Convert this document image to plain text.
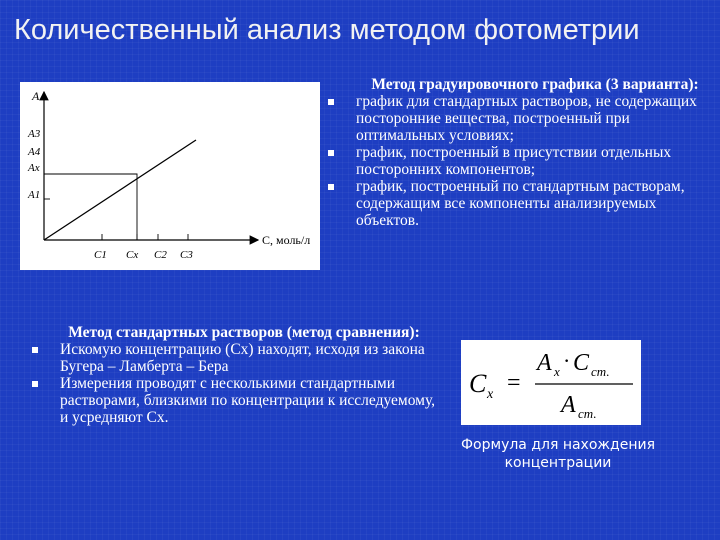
Количественный анализ методом фотометрии
A
C, моль/л
A3
A4
Ax
A1
C1 Cx C2 C3
Метод градуировочного графика (3 варианта):
график для стандартных растворов, не содержащих посторонние вещества, построенный при оптимальных условиях;
график, построенный в присутствии отдельных посторонних компонентов;
график, построенный по стандартным растворам, содержащим все компоненты анализируемых объектов.
Метод стандартных растворов (метод сравнения):
Искомую концентрацию (Cx) находят, исходя из закона Бугера – Ламберта – Бера
Измерения проводят с несколькими стандартными растворами, близкими по концентрации к исследуемому, и усредняют Cx.
C x =
A x · C ст.
A ст.
Формула для нахождения концентрации
